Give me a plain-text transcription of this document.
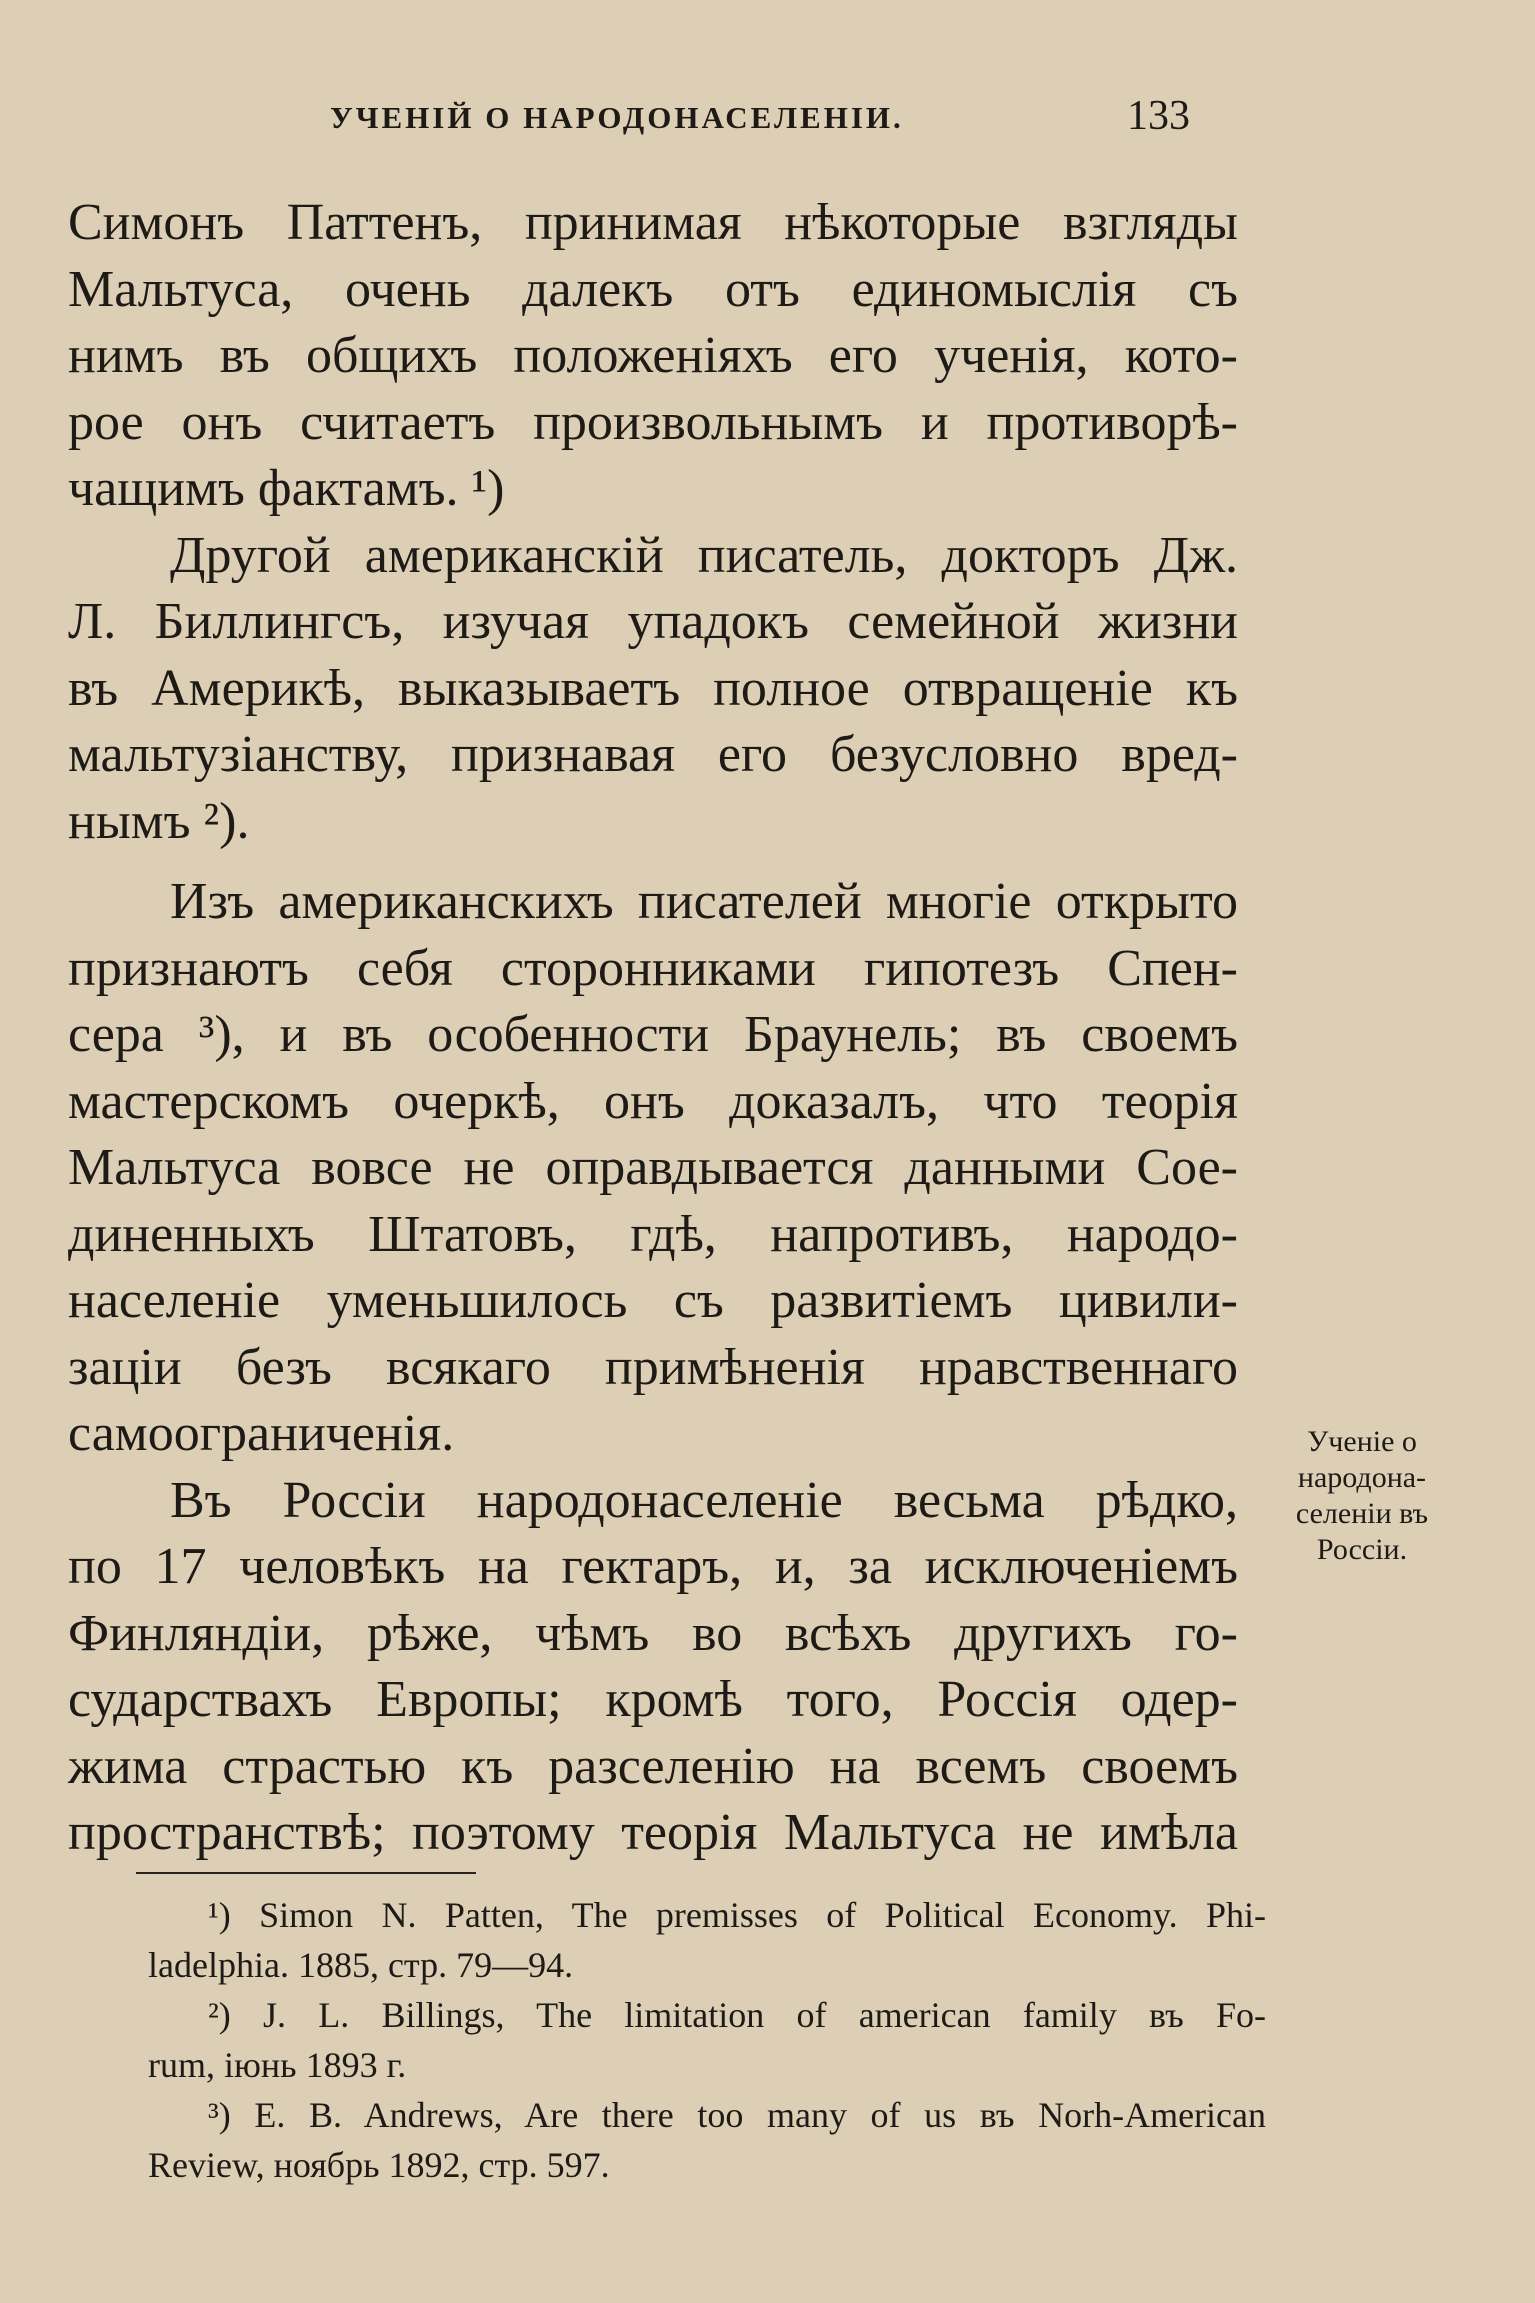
УЧЕНІЙ О НАРОДОНАСЕЛЕНІИ.	133
Симонъ Паттенъ, принимая нѣкоторые взгляды
Мальтуса, очень далекъ отъ единомыслія съ
нимъ въ общихъ положеніяхъ его ученія, кото-
рое онъ считаетъ произвольнымъ и противорѣ-
чащимъ фактамъ. ¹)
Другой американскій писатель, докторъ Дж.
Л. Биллингсъ, изучая упадокъ семейной жизни
въ Америкѣ, выказываетъ полное отвращеніе къ
мальтузіанству, признавая его безусловно вред-
нымъ ²).
Изъ американскихъ писателей многіе открыто
признаютъ себя сторонниками гипотезъ Спен-
сера ³), и въ особенности Браунель; въ своемъ
мастерскомъ очеркѣ, онъ доказалъ, что теорія
Мальтуса вовсе не оправдывается данными Сое-
диненныхъ Штатовъ, гдѣ, напротивъ, народо-
населеніе уменьшилось съ развитіемъ цивили-
заціи безъ всякаго примѣненія нравственнаго
самоограниченія.
Въ Россіи народонаселеніе весьма рѣдко,
по 17 человѣкъ на гектаръ, и, за исключеніемъ
Финляндіи, рѣже, чѣмъ во всѣхъ другихъ го-
сударствахъ Европы; кромѣ того, Россія одер-
жима страстью къ разселенію на всемъ своемъ
пространствѣ; поэтому теорія Мальтуса не имѣла
Ученіе о
народона-
селеніи въ
Россіи.
¹) Simon N. Patten, The premisses of Political Economy. Phi-
ladelphia. 1885, стр. 79—94.
²) J. L. Billings, The limitation of american family въ Fo-
rum, іюнь 1893 г.
³) E. B. Andrews, Are there too many of us въ Norh-American
Review, ноябрь 1892, стр. 597.
